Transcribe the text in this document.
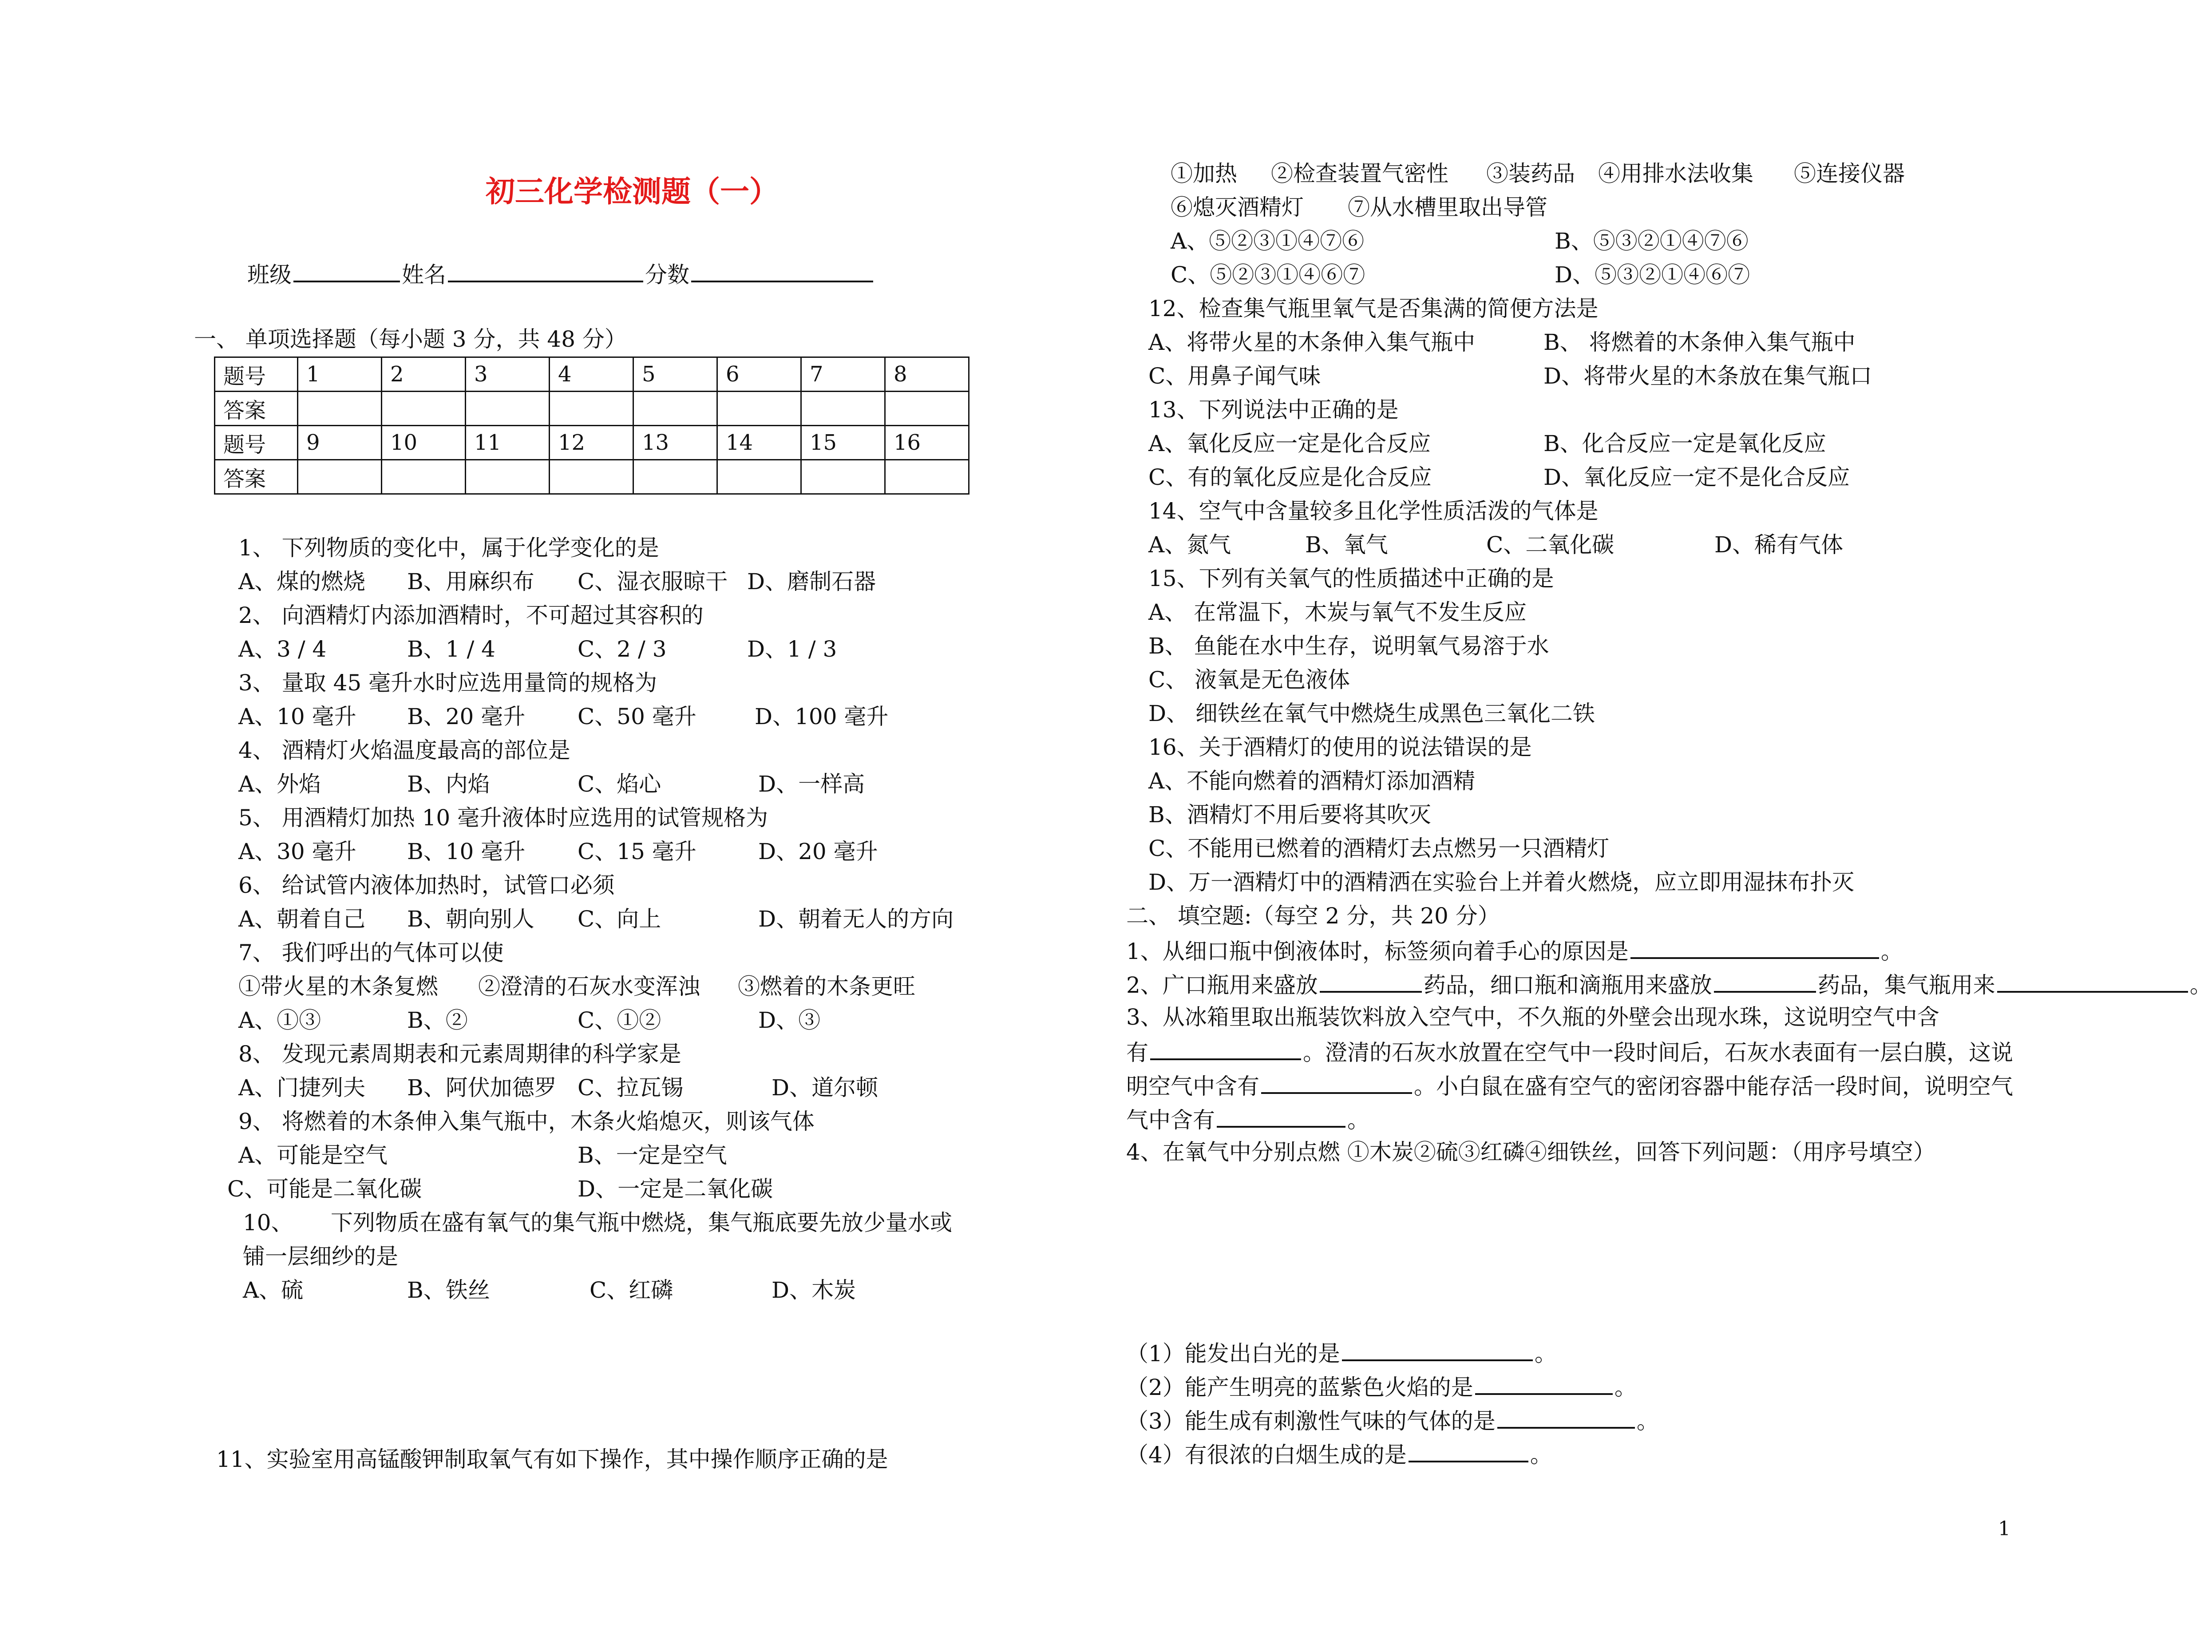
初三化学检测题（一）
班级	姓名	分数
一、 单项选择题（每小题 3 分，共 48 分）
题号	1	2	3	4	5	6	7	8
答案								
题号	9	10	11	12	13	14	15	16
答案								
1、 下列物质的变化中，属于化学变化的是
A、煤的燃烧 B、用麻织布 C、湿衣服晾干 D、磨制石器
2、 向酒精灯内添加酒精时，不可超过其容积的
A、3 / 4	B、1 / 4	C、2 / 3	D、1 / 3
3、 量取 45 毫升水时应选用量筒的规格为
A、10 毫升 B、20 毫升 C、50 毫升	D、100 毫升
4、 酒精灯火焰温度最高的部位是
A、外焰	B、内焰	C、焰心	D、一样高
5、 用酒精灯加热 10 毫升液体时应选用的试管规格为
A、30 毫升 B、10 毫升 C、15 毫升	D、20 毫升
6、 给试管内液体加热时，试管口必须
A、朝着自己 B、朝向别人 C、向上	D、朝着无人的方向
7、 我们呼出的气体可以使
①带火星的木条复燃 ②澄清的石灰水变浑浊 ③燃着的木条更旺
A、①③	B、②	C、①②	D、③
8、 发现元素周期表和元素周期律的科学家是
A、门捷列夫 B、阿伏加德罗 C、拉瓦锡	D、道尔顿
9、 将燃着的木条伸入集气瓶中，木条火焰熄灭，则该气体
A、可能是空气	B、一定是空气
C、可能是二氧化碳	D、一定是二氧化碳
10、 下列物质在盛有氧气的集气瓶中燃烧，集气瓶底要先放少量水或
铺一层细纱的是
A、硫	B、铁丝	C、红磷	D、木炭
11、实验室用高锰酸钾制取氧气有如下操作，其中操作顺序正确的是
①加热 ②检查装置气密性 ③装药品 ④用排水法收集 ⑤连接仪器
⑥熄灭酒精灯 ⑦从水槽里取出导管
A、⑤②③①④⑦⑥	B、⑤③②①④⑦⑥
C、⑤②③①④⑥⑦	D、⑤③②①④⑥⑦
12、检查集气瓶里氧气是否集满的简便方法是
A、将带火星的木条伸入集气瓶中	B、 将燃着的木条伸入集气瓶中
C、用鼻子闻气味	D、将带火星的木条放在集气瓶口
13、下列说法中正确的是
A、氧化反应一定是化合反应	B、化合反应一定是氧化反应
C、有的氧化反应是化合反应	D、氧化反应一定不是化合反应
14、空气中含量较多且化学性质活泼的气体是
A、氮气	B、氧气	C、二氧化碳	D、稀有气体
15、下列有关氧气的性质描述中正确的是
A、 在常温下，木炭与氧气不发生反应
B、 鱼能在水中生存，说明氧气易溶于水
C、 液氧是无色液体
D、 细铁丝在氧气中燃烧生成黑色三氧化二铁
16、关于酒精灯的使用的说法错误的是
A、不能向燃着的酒精灯添加酒精
B、酒精灯不用后要将其吹灭
C、不能用已燃着的酒精灯去点燃另一只酒精灯
D、万一酒精灯中的酒精洒在实验台上并着火燃烧，应立即用湿抹布扑灭
二、 填空题:（每空 2 分，共 20 分）
1、从细口瓶中倒液体时，标签须向着手心的原因是	。
2、广口瓶用来盛放	药品，细口瓶和滴瓶用来盛放	药品，集气瓶用来	。
3、从冰箱里取出瓶装饮料放入空气中，不久瓶的外壁会出现水珠，这说明空气中含
有	。澄清的石灰水放置在空气中一段时间后，石灰水表面有一层白膜，这说
明空气中含有	。小白鼠在盛有空气的密闭容器中能存活一段时间，说明空气
气中含有	。
4、在氧气中分别点燃 ①木炭②硫③红磷④细铁丝，回答下列问题：（用序号填空）
（1）能发出白光的是	。
（2）能产生明亮的蓝紫色火焰的是	。
（3）能生成有刺激性气味的气体的是	。
（4）有很浓的白烟生成的是	。
1
